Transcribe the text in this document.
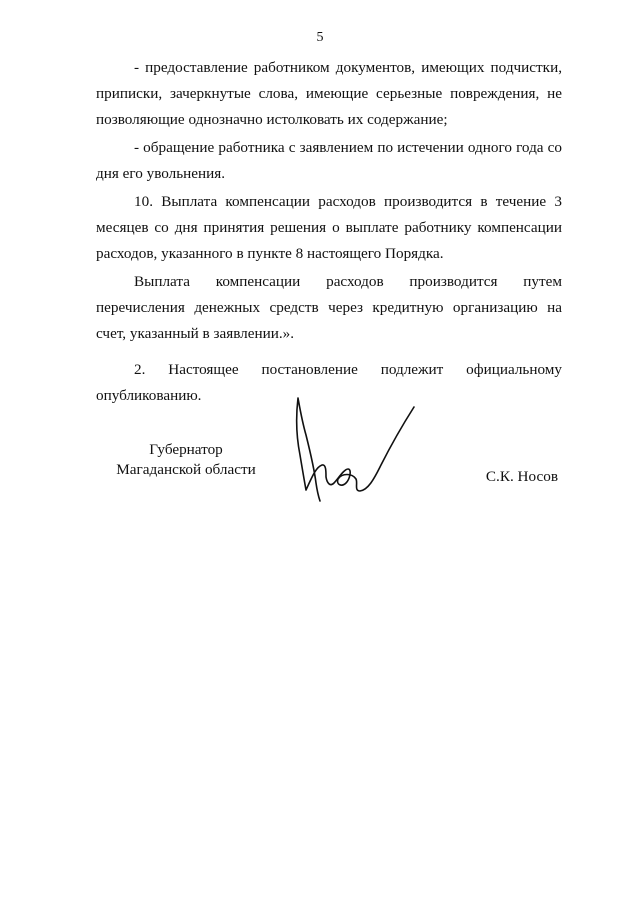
5

- предоставление работником документов, имеющих подчистки, приписки, зачеркнутые слова, имеющие серьезные повреждения, не позволяющие однозначно истолковать их содержание;

- обращение работника с заявлением по истечении одного года со дня его увольнения.

10. Выплата компенсации расходов производится в течение 3 месяцев со дня принятия решения о выплате работнику компенсации расходов, указанного в пункте 8 настоящего Порядка.

Выплата компенсации расходов производится путем перечисления денежных средств через кредитную организацию на счет, указанный в заявлении.».

2. Настоящее постановление подлежит официальному опубликованию.

Губернатор
Магаданской области	С.К. Носов
